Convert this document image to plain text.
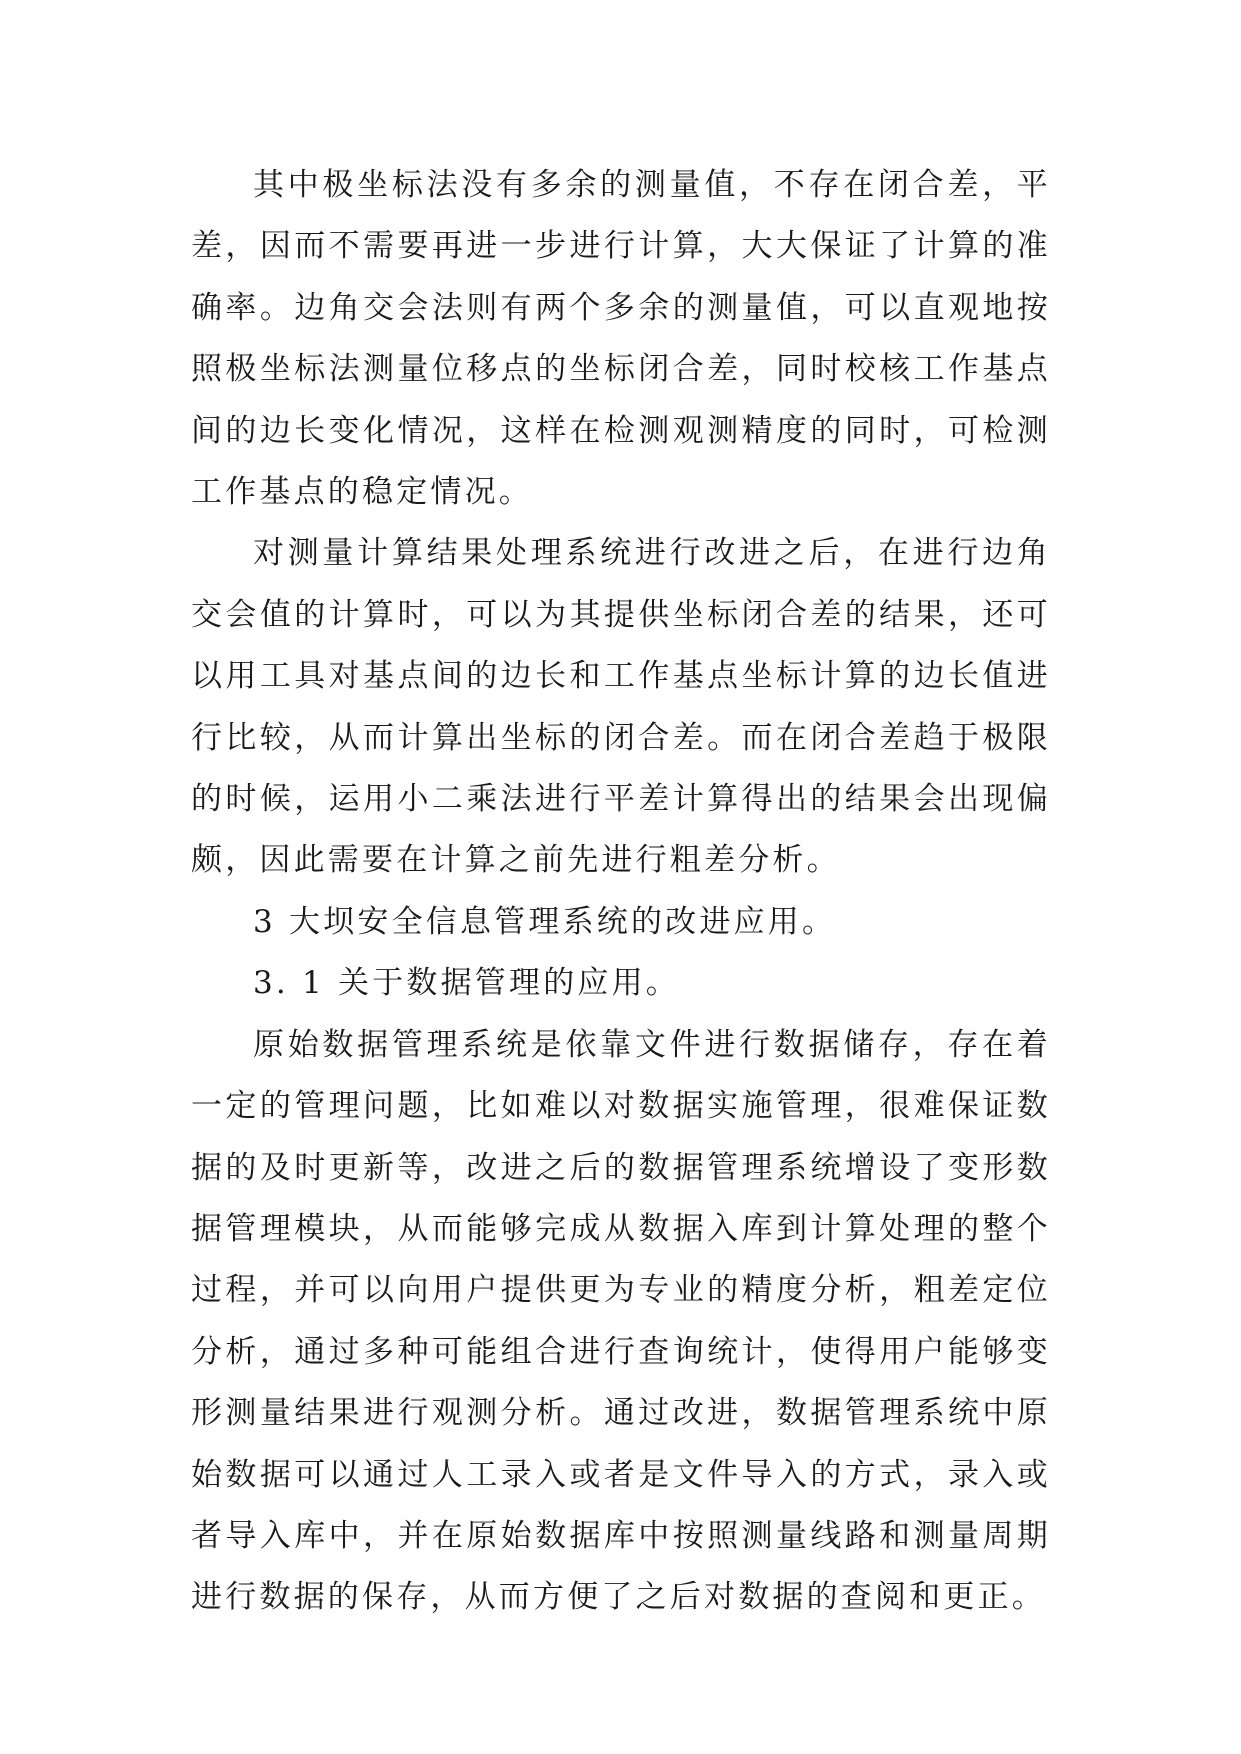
其中极坐标法没有多余的测量值，不存在闭合差，平差，因而不需要再进一步进行计算，大大保证了计算的准确率。边角交会法则有两个多余的测量值，可以直观地按照极坐标法测量位移点的坐标闭合差，同时校核工作基点间的边长变化情况，这样在检测观测精度的同时，可检测工作基点的稳定情况。

对测量计算结果处理系统进行改进之后，在进行边角交会值的计算时，可以为其提供坐标闭合差的结果，还可以用工具对基点间的边长和工作基点坐标计算的边长值进行比较，从而计算出坐标的闭合差。而在闭合差趋于极限的时候，运用小二乘法进行平差计算得出的结果会出现偏颇，因此需要在计算之前先进行粗差分析。

3 大坝安全信息管理系统的改进应用。

3. 1 关于数据管理的应用。

原始数据管理系统是依靠文件进行数据储存，存在着一定的管理问题，比如难以对数据实施管理，很难保证数据的及时更新等，改进之后的数据管理系统增设了变形数据管理模块，从而能够完成从数据入库到计算处理的整个过程，并可以向用户提供更为专业的精度分析，粗差定位分析，通过多种可能组合进行查询统计，使得用户能够变形测量结果进行观测分析。通过改进，数据管理系统中原始数据可以通过人工录入或者是文件导入的方式，录入或者导入库中，并在原始数据库中按照测量线路和测量周期进行数据的保存，从而方便了之后对数据的查阅和更正。
